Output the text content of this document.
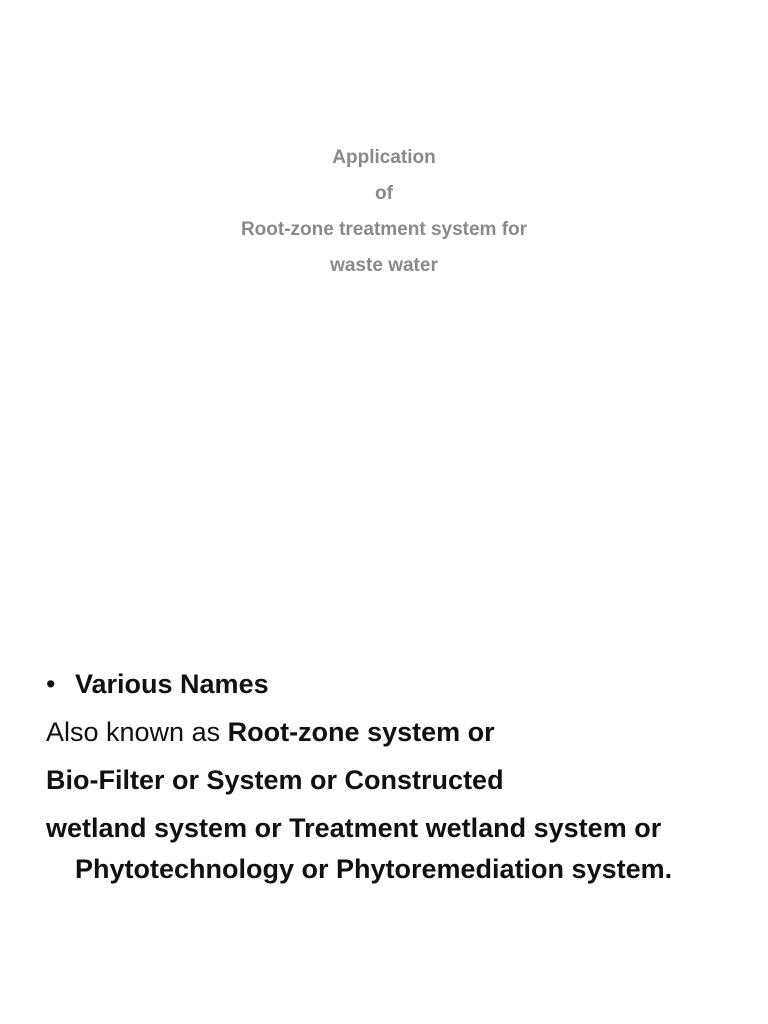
Application
of
Root-zone treatment system for
waste water
• Various Names
Also known as Root-zone system or
Bio-Filter or System or Constructed
wetland system or Treatment wetland system or Phytotechnology or Phytoremediation system.
